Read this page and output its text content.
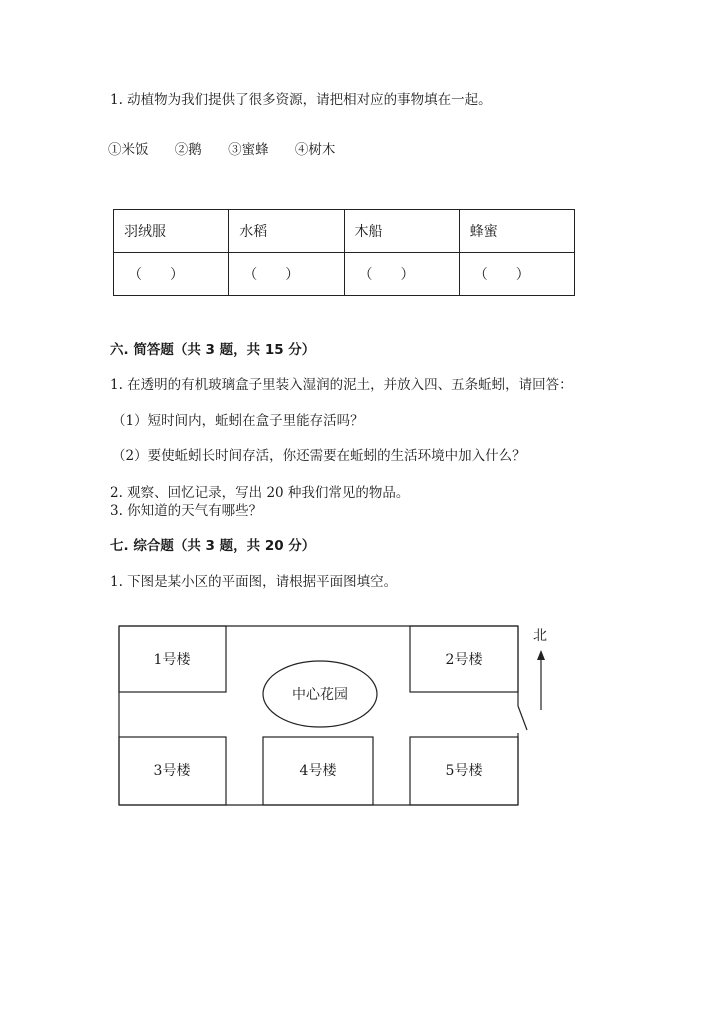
1. 动植物为我们提供了很多资源，请把相对应的事物填在一起。
①米饭 ②鹅 ③蜜蜂 ④树木
羽绒服	水稻	木船	蜂蜜
（　　）	（　　）	（　　）	（　　）
六. 简答题（共 3 题，共 15 分）
1. 在透明的有机玻璃盒子里装入湿润的泥土，并放入四、五条蚯蚓，请回答：
（1）短时间内，蚯蚓在盒子里能存活吗？
（2）要使蚯蚓长时间存活，你还需要在蚯蚓的生活环境中加入什么？
2. 观察、回忆记录，写出 20 种我们常见的物品。
3. 你知道的天气有哪些？
七. 综合题（共 3 题，共 20 分）
1. 下图是某小区的平面图，请根据平面图填空。
北
中心花园
1号楼	2号楼
3号楼	4号楼	5号楼
